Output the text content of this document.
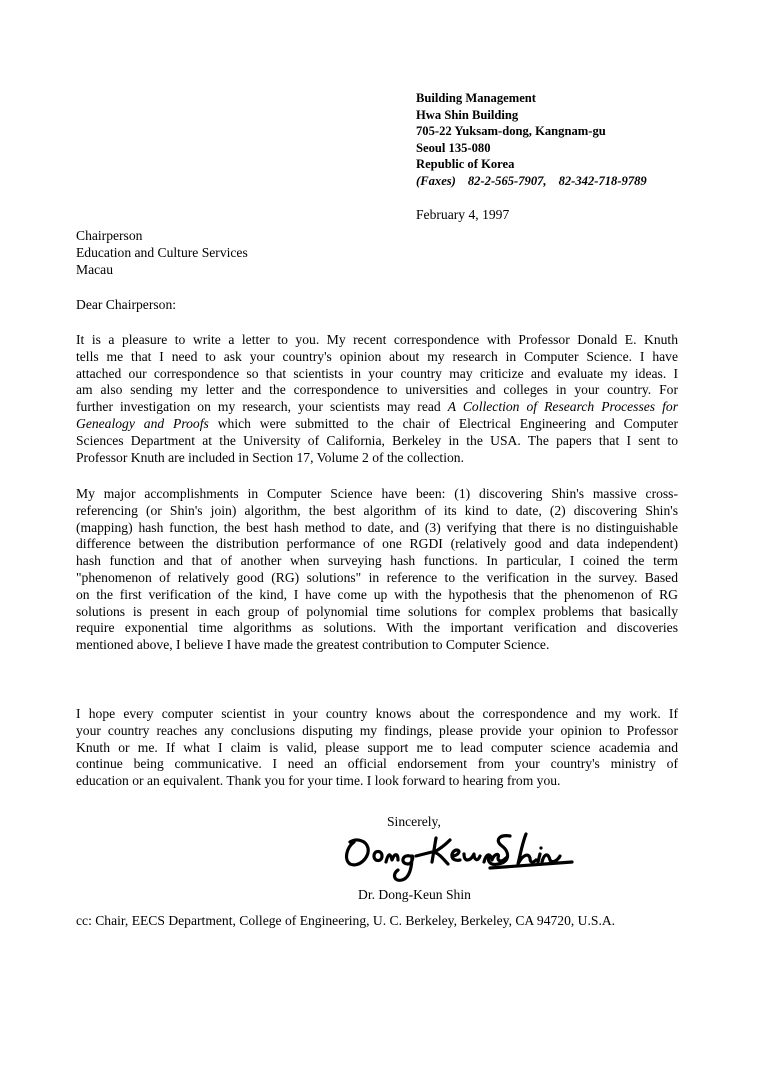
Building Management
Hwa Shin Building
705-22 Yuksam-dong, Kangnam-gu
Seoul 135-080
Republic of Korea
(Faxes) 82-2-565-7907, 82-342-718-9789
February 4, 1997
Chairperson
Education and Culture Services
Macau
Dear Chairperson:
It is a pleasure to write a letter to you. My recent correspondence with Professor Donald E. Knuth
tells me that I need to ask your country's opinion about my research in Computer Science. I have
attached our correspondence so that scientists in your country may criticize and evaluate my ideas. I
am also sending my letter and the correspondence to universities and colleges in your country. For
further investigation on my research, your scientists may read A Collection of Research Processes for
Genealogy and Proofs which were submitted to the chair of Electrical Engineering and Computer
Sciences Department at the University of California, Berkeley in the USA. The papers that I sent to
Professor Knuth are included in Section 17, Volume 2 of the collection.
My major accomplishments in Computer Science have been: (1) discovering Shin's massive cross-
referencing (or Shin's join) algorithm, the best algorithm of its kind to date, (2) discovering Shin's
(mapping) hash function, the best hash method to date, and (3) verifying that there is no distinguishable
difference between the distribution performance of one RGDI (relatively good and data independent)
hash function and that of another when surveying hash functions. In particular, I coined the term
"phenomenon of relatively good (RG) solutions" in reference to the verification in the survey. Based
on the first verification of the kind, I have come up with the hypothesis that the phenomenon of RG
solutions is present in each group of polynomial time solutions for complex problems that basically
require exponential time algorithms as solutions. With the important verification and discoveries
mentioned above, I believe I have made the greatest contribution to Computer Science.
I hope every computer scientist in your country knows about the correspondence and my work. If
your country reaches any conclusions disputing my findings, please provide your opinion to Professor
Knuth or me. If what I claim is valid, please support me to lead computer science academia and
continue being communicative. I need an official endorsement from your country's ministry of
education or an equivalent. Thank you for your time. I look forward to hearing from you.
Sincerely,
Dr. Dong-Keun Shin
cc: Chair, EECS Department, College of Engineering, U. C. Berkeley, Berkeley, CA 94720, U.S.A.
